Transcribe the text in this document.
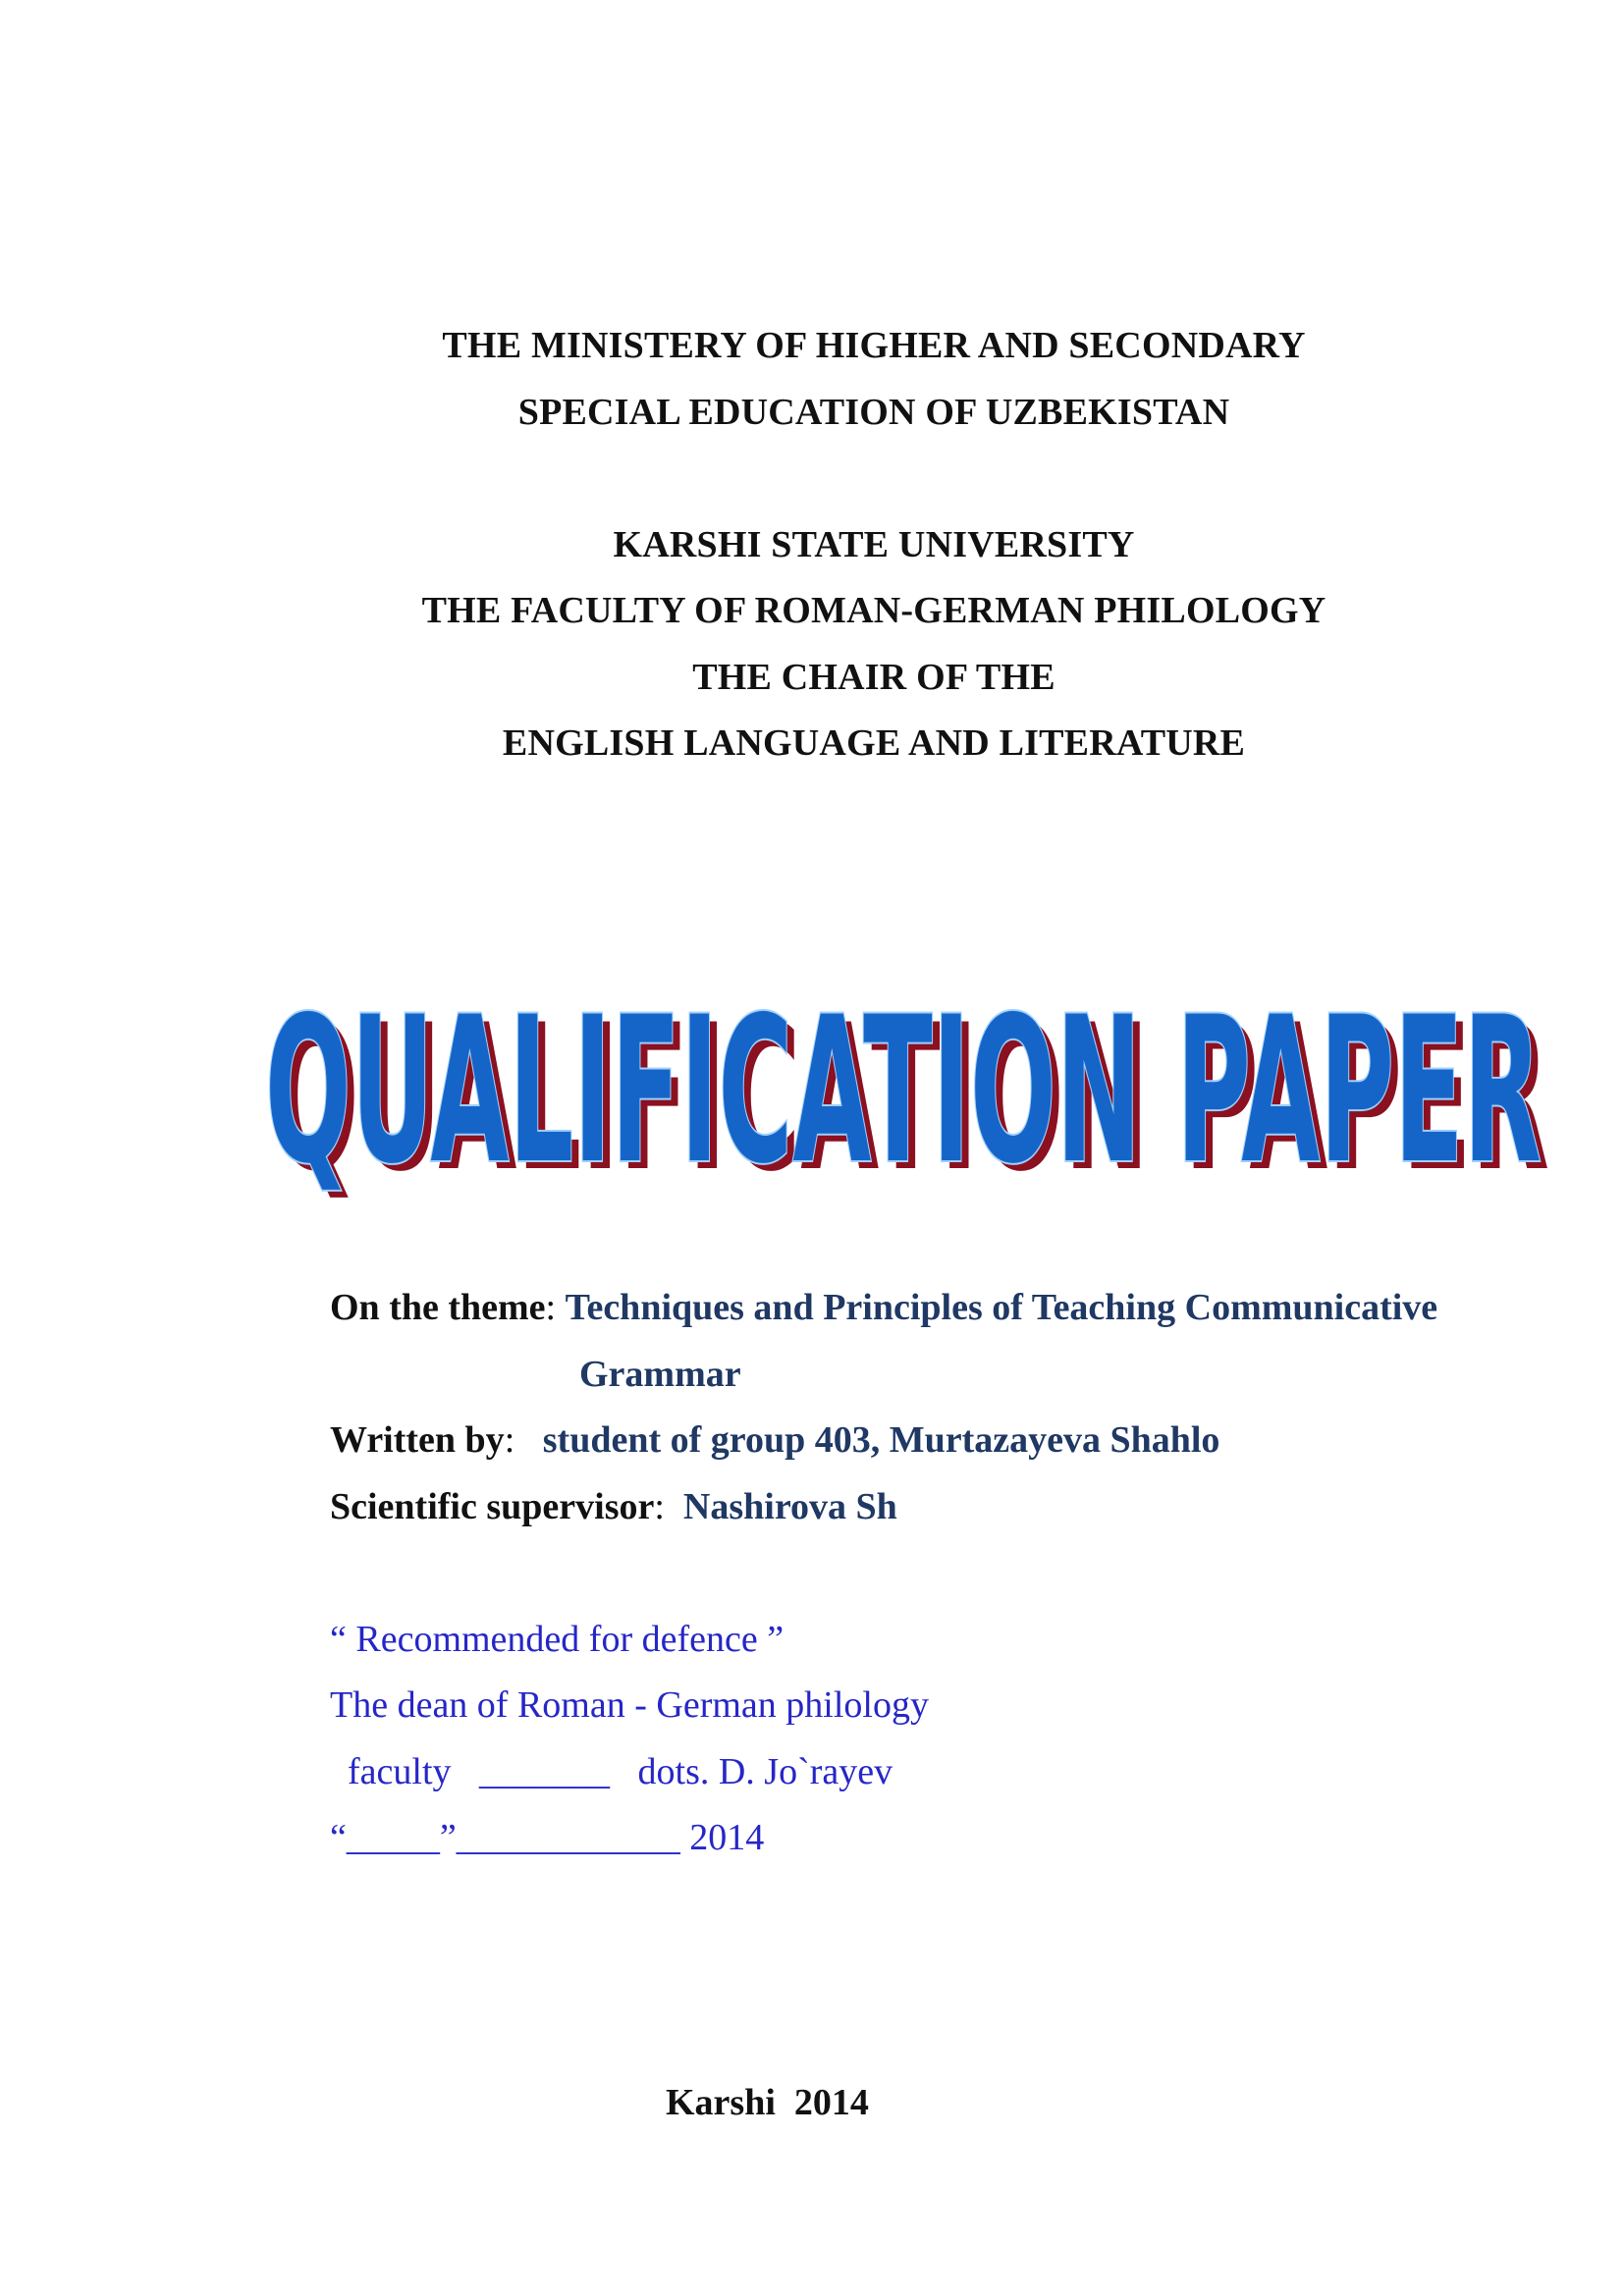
THE MINISTERY OF HIGHER AND SECONDARY
SPECIAL EDUCATION OF UZBEKISTAN
KARSHI STATE UNIVERSITY
THE FACULTY OF ROMAN-GERMAN PHILOLOGY
THE CHAIR OF THE
ENGLISH LANGUAGE AND LITERATURE
QUALIFICATION PAPER
QUALIFICATION PAPER
On the theme: Techniques and Principles of Teaching Communicative
Grammar
Written by: student of group 403, Murtazayeva Shahlo
Scientific supervisor: Nashirova Sh
“ Recommended for defence ”
The dean of Roman - German philology
faculty _______ dots. D. Jo`rayev
“_____”____________ 2014
Karshi  2014
